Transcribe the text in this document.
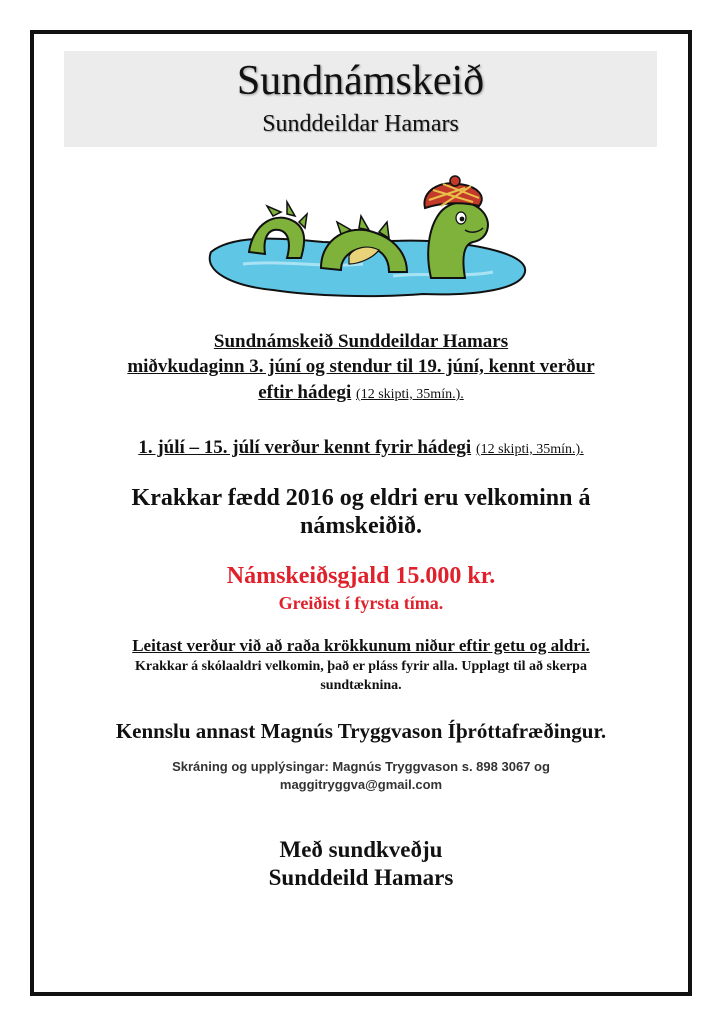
Sundnámskeið
Sunddeildar Hamars
Sundnámskeið Sunddeildar Hamars
miðvkudaginn 3. júní og stendur til 19. júní, kennt verður
eftir hádegi (12 skipti, 35mín.).
1. júlí – 15. júlí verður kennt fyrir hádegi (12 skipti, 35mín.).
Krakkar fædd 2016 og eldri eru velkominn á
námskeiðið.
Námskeiðsgjald 15.000 kr.
Greiðist í fyrsta tíma.
Leitast verður við að raða krökkunum niður eftir getu og aldri.
Krakkar á skólaaldri velkomin, það er pláss fyrir alla. Upplagt til að skerpa
sundtæknina.
Kennslu annast Magnús Tryggvason Íþróttafræðingur.
Skráning og upplýsingar: Magnús Tryggvason s. 898 3067 og
maggitryggva@gmail.com
Með sundkveðju
Sunddeild Hamars
